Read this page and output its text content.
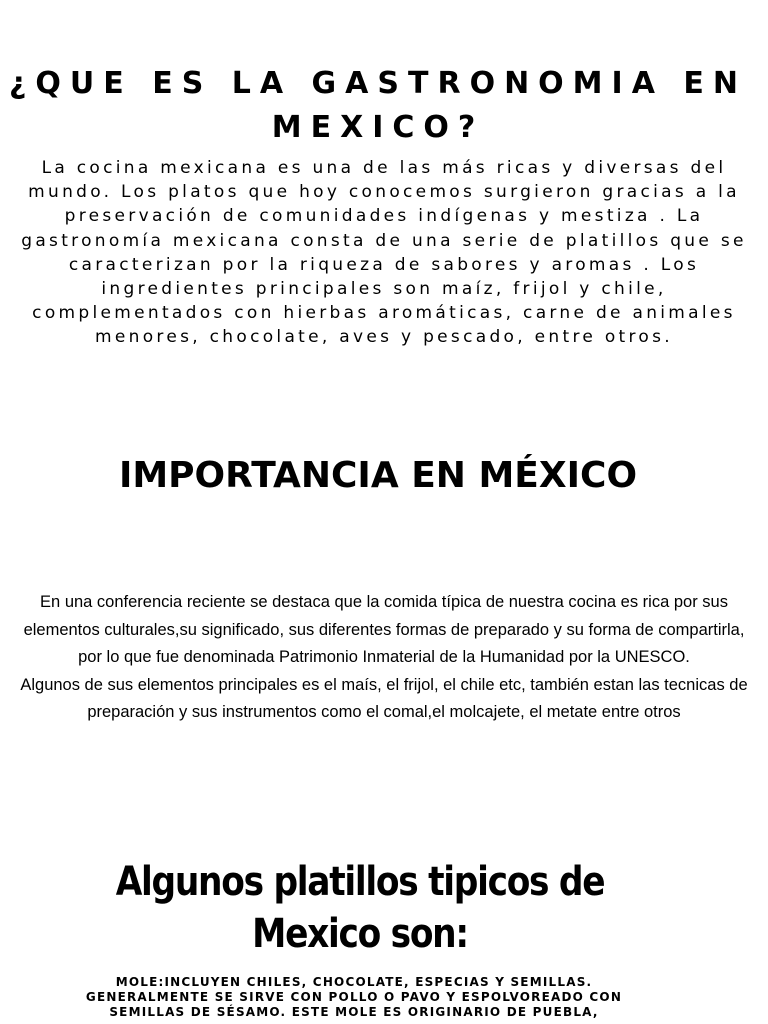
¿QUE ES LA GASTRONOMIA EN MEXICO?

La cocina mexicana es una de las más ricas y diversas del mundo. Los platos que hoy conocemos surgieron gracias a la preservación de comunidades indígenas y mestiza . La gastronomía mexicana consta de una serie de platillos que se caracterizan por la riqueza de sabores y aromas . Los ingredientes principales son maíz, frijol y chile, complementados con hierbas aromáticas, carne de animales menores, chocolate, aves y pescado, entre otros.

IMPORTANCIA EN MÉXICO

En una conferencia reciente se destaca que la comida típica de nuestra cocina es rica por sus elementos culturales,su significado, sus diferentes formas de preparado y su forma de compartirla, por lo que fue denominada Patrimonio Inmaterial de la Humanidad por la UNESCO.

Algunos de sus elementos principales es el maís, el frijol, el chile etc, también estan las tecnicas de preparación y sus instrumentos como el comal,el molcajete, el metate entre otros

Algunos platillos tipicos de Mexico son:
MOLE:INCLUYEN CHILES, CHOCOLATE, ESPECIAS Y SEMILLAS.
GENERALMENTE SE SIRVE CON POLLO O PAVO Y ESPOLVOREADO CON
SEMILLAS DE SÉSAMO. ESTE MOLE ES ORIGINARIO DE PUEBLA,
